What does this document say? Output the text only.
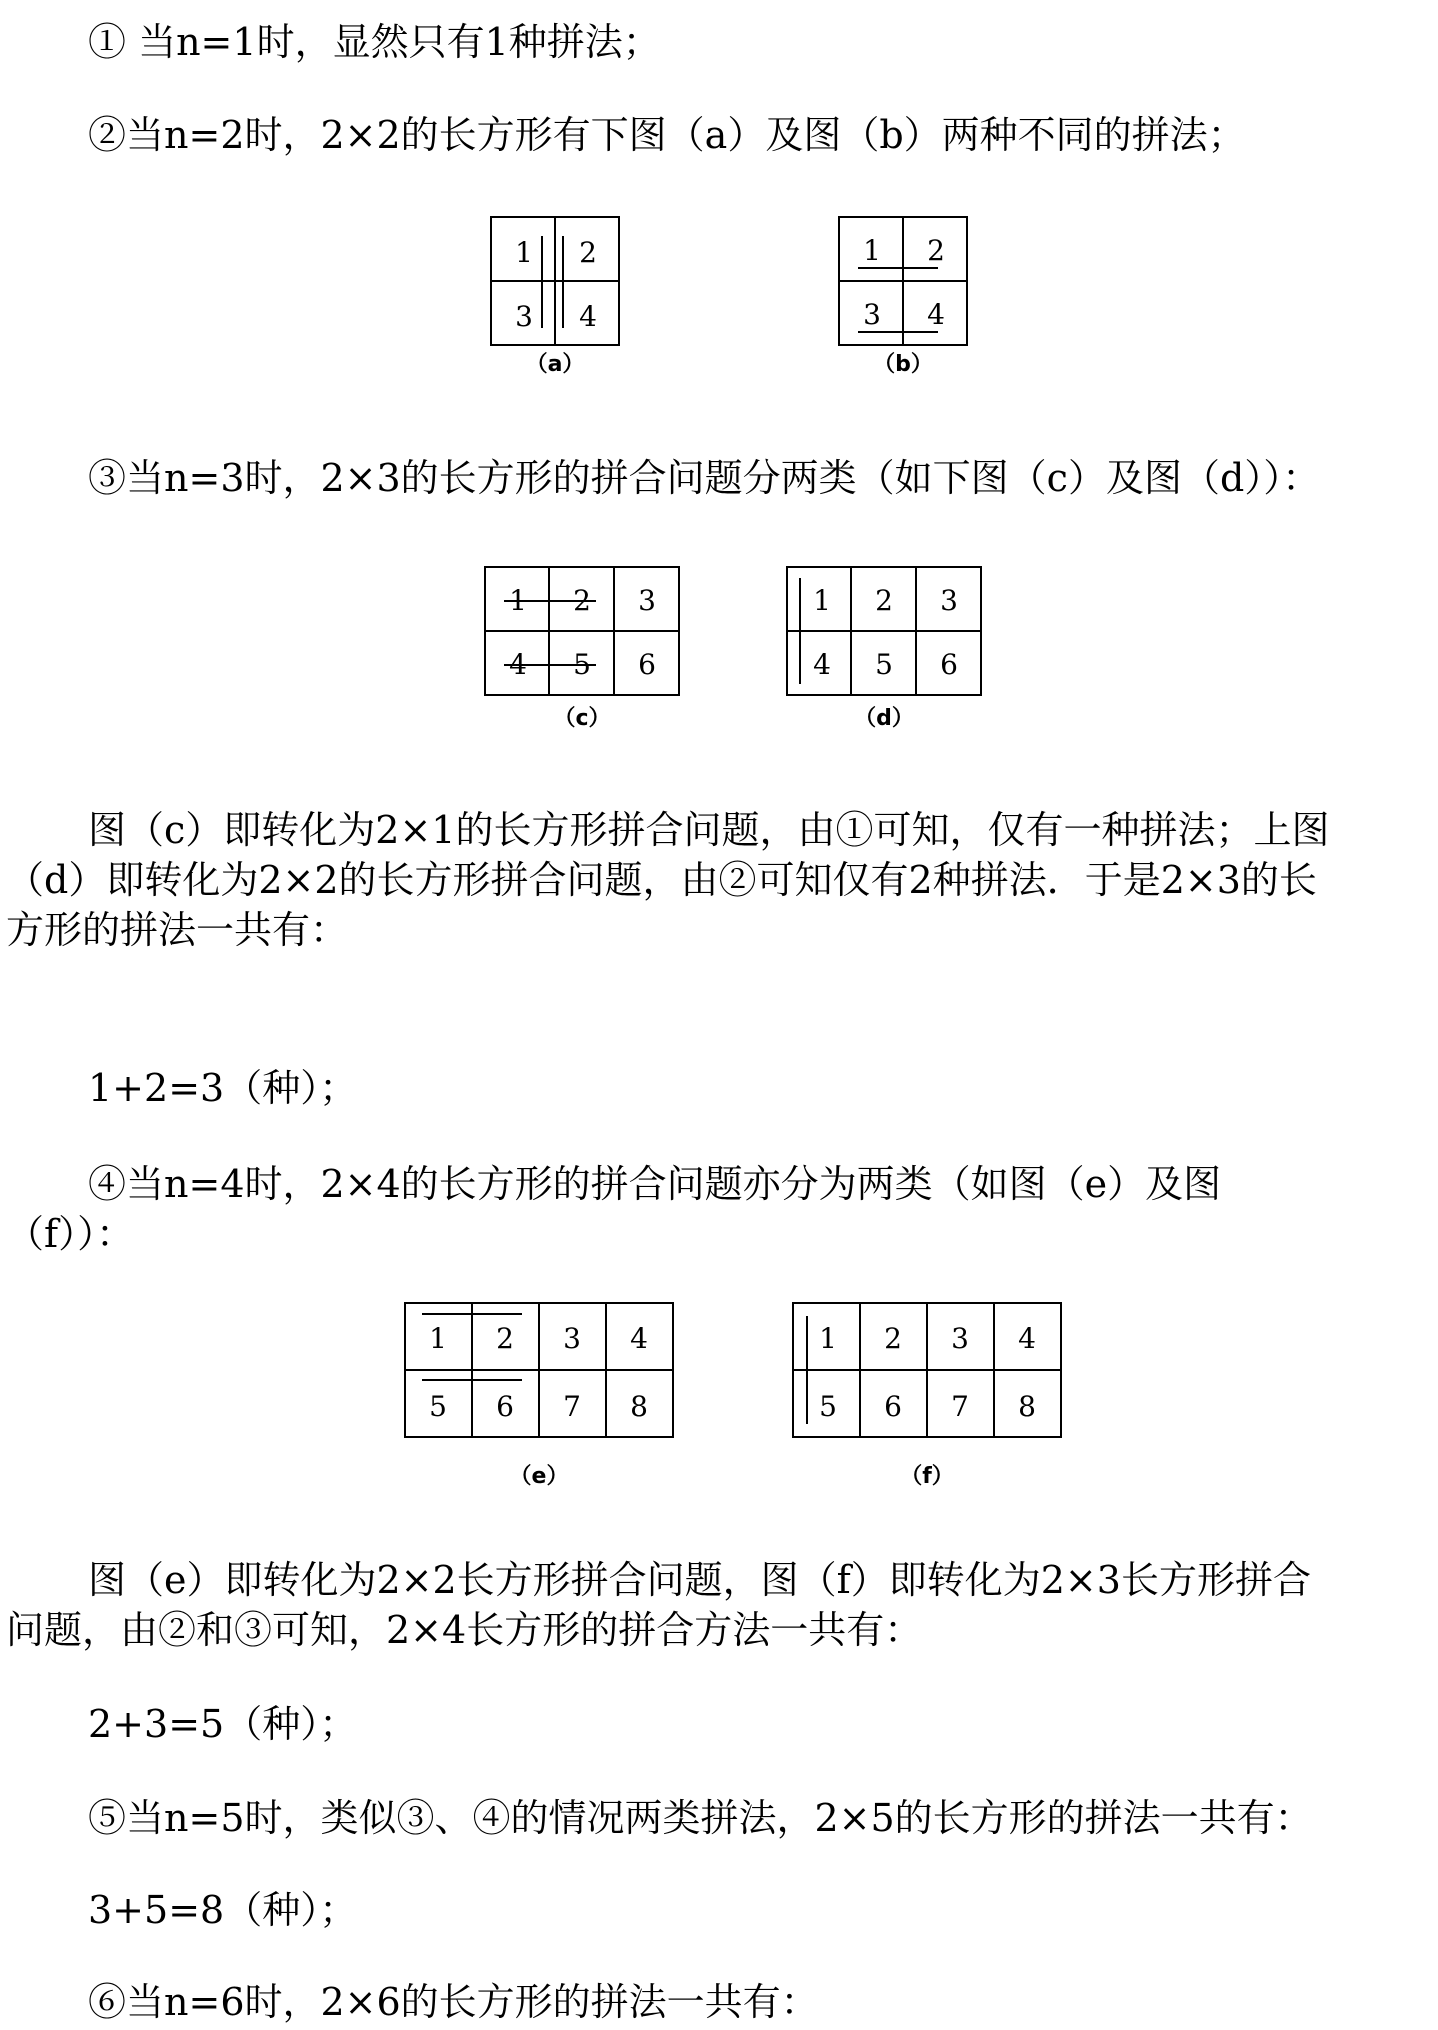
① 当n=1时，显然只有1种拼法；
②当n=2时，2×2的长方形有下图（a）及图（b）两种不同的拼法；
1 2
3 4
（a）
1 2
3 4
（b）
③当n=3时，2×3的长方形的拼合问题分两类（如下图（c）及图（d））：
1 2 3
4 5 6
（c）
1 2 3
4 5 6
（d）
图（c）即转化为2×1的长方形拼合问题，由①可知，仅有一种拼法；上图
（d）即转化为2×2的长方形拼合问题，由②可知仅有2种拼法．于是2×3的长
方形的拼法一共有：
1+2=3（种）；
④当n=4时，2×4的长方形的拼合问题亦分为两类（如图（e）及图
（f））：
1 2 3 4
5 6 7 8
（e）
1 2 3 4
5 6 7 8
（f）
图（e）即转化为2×2长方形拼合问题，图（f）即转化为2×3长方形拼合
问题，由②和③可知，2×4长方形的拼合方法一共有：
2+3=5（种）；
⑤当n=5时，类似③、④的情况两类拼法，2×5的长方形的拼法一共有：
3+5=8（种）；
⑥当n=6时，2×6的长方形的拼法一共有：
